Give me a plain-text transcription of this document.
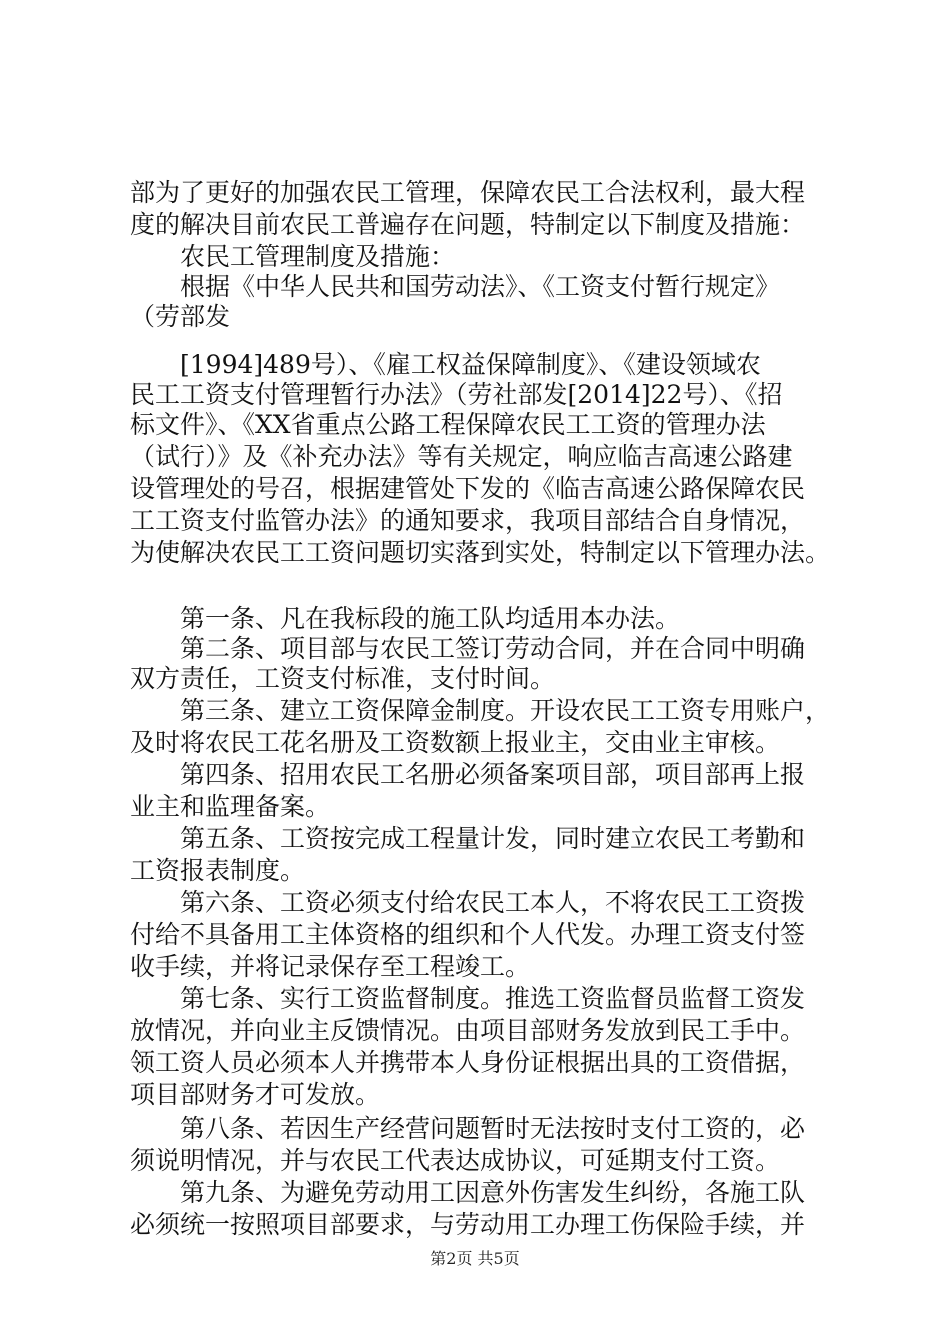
部为了更好的加强农民工管理，保障农民工合法权利，最大程
度的解决目前农民工普遍存在问题，特制定以下制度及措施：
农民工管理制度及措施：
根据《中华人民共和国劳动法》、《工资支付暂行规定》
（劳部发
[1994]489号）、《雇工权益保障制度》、《建设领域农
民工工资支付管理暂行办法》（劳社部发[2014]22号）、《招
标文件》、《XX省重点公路工程保障农民工工资的管理办法
（试行）》及《补充办法》等有关规定，响应临吉高速公路建
设管理处的号召，根据建管处下发的《临吉高速公路保障农民
工工资支付监管办法》的通知要求，我项目部结合自身情况，
为使解决农民工工资问题切实落到实处，特制定以下管理办法。
第一条、凡在我标段的施工队均适用本办法。
第二条、项目部与农民工签订劳动合同，并在合同中明确
双方责任，工资支付标准，支付时间。
第三条、建立工资保障金制度。开设农民工工资专用账户，
及时将农民工花名册及工资数额上报业主，交由业主审核。
第四条、招用农民工名册必须备案项目部，项目部再上报
业主和监理备案。
第五条、工资按完成工程量计发，同时建立农民工考勤和
工资报表制度。
第六条、工资必须支付给农民工本人，不将农民工工资拨
付给不具备用工主体资格的组织和个人代发。办理工资支付签
收手续，并将记录保存至工程竣工。
第七条、实行工资监督制度。推选工资监督员监督工资发
放情况，并向业主反馈情况。由项目部财务发放到民工手中。
领工资人员必须本人并携带本人身份证根据出具的工资借据，
项目部财务才可发放。
第八条、若因生产经营问题暂时无法按时支付工资的，必
须说明情况，并与农民工代表达成协议，可延期支付工资。
第九条、为避免劳动用工因意外伤害发生纠纷，各施工队
必须统一按照项目部要求，与劳动用工办理工伤保险手续，并
第2页 共5页
